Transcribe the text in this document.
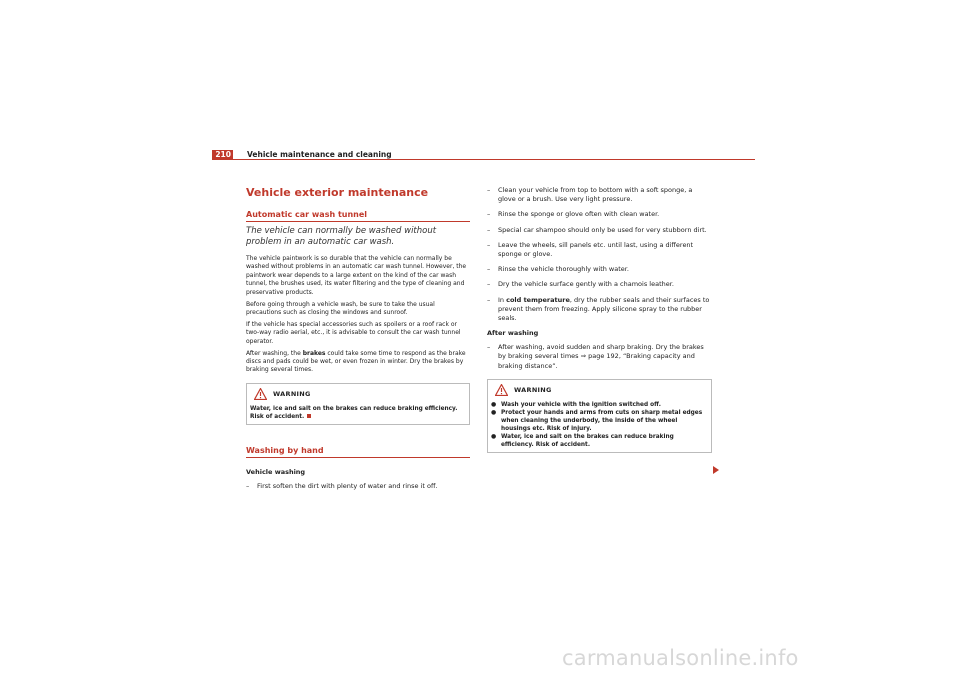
210 Vehicle maintenance and cleaning
Vehicle exterior maintenance
Automatic car wash tunnel
The vehicle can normally be washed without problem in an automatic car wash.

The vehicle paintwork is so durable that the vehicle can normally be washed without problems in an automatic car wash tunnel. However, the paintwork wear depends to a large extent on the kind of the car wash tunnel, the brushes used, its water filtering and the type of cleaning and preservative products.

Before going through a vehicle wash, be sure to take the usual precautions such as closing the windows and sunroof.

If the vehicle has special accessories such as spoilers or a roof rack or two-way radio aerial, etc., it is advisable to consult the car wash tunnel operator.

After washing, the brakes could take some time to respond as the brake discs and pads could be wet, or even frozen in winter. Dry the brakes by braking several times.

WARNING
Water, ice and salt on the brakes can reduce braking efficiency. Risk of accident.
Washing by hand
Vehicle washing
– First soften the dirt with plenty of water and rinse it off.
– Clean your vehicle from top to bottom with a soft sponge, a glove or a brush. Use very light pressure.
– Rinse the sponge or glove often with clean water.
– Special car shampoo should only be used for very stubborn dirt.
– Leave the wheels, sill panels etc. until last, using a different sponge or glove.
– Rinse the vehicle thoroughly with water.
– Dry the vehicle surface gently with a chamois leather.
– In cold temperature, dry the rubber seals and their surfaces to prevent them from freezing. Apply silicone spray to the rubber seals.
After washing
– After washing, avoid sudden and sharp braking. Dry the brakes by braking several times ⇒ page 192, “Braking capacity and braking distance”.
WARNING
● Wash your vehicle with the ignition switched off.
● Protect your hands and arms from cuts on sharp metal edges when cleaning the underbody, the inside of the wheel housings etc. Risk of injury.
● Water, ice and salt on the brakes can reduce braking efficiency. Risk of accident.
carmanualsonline.info
